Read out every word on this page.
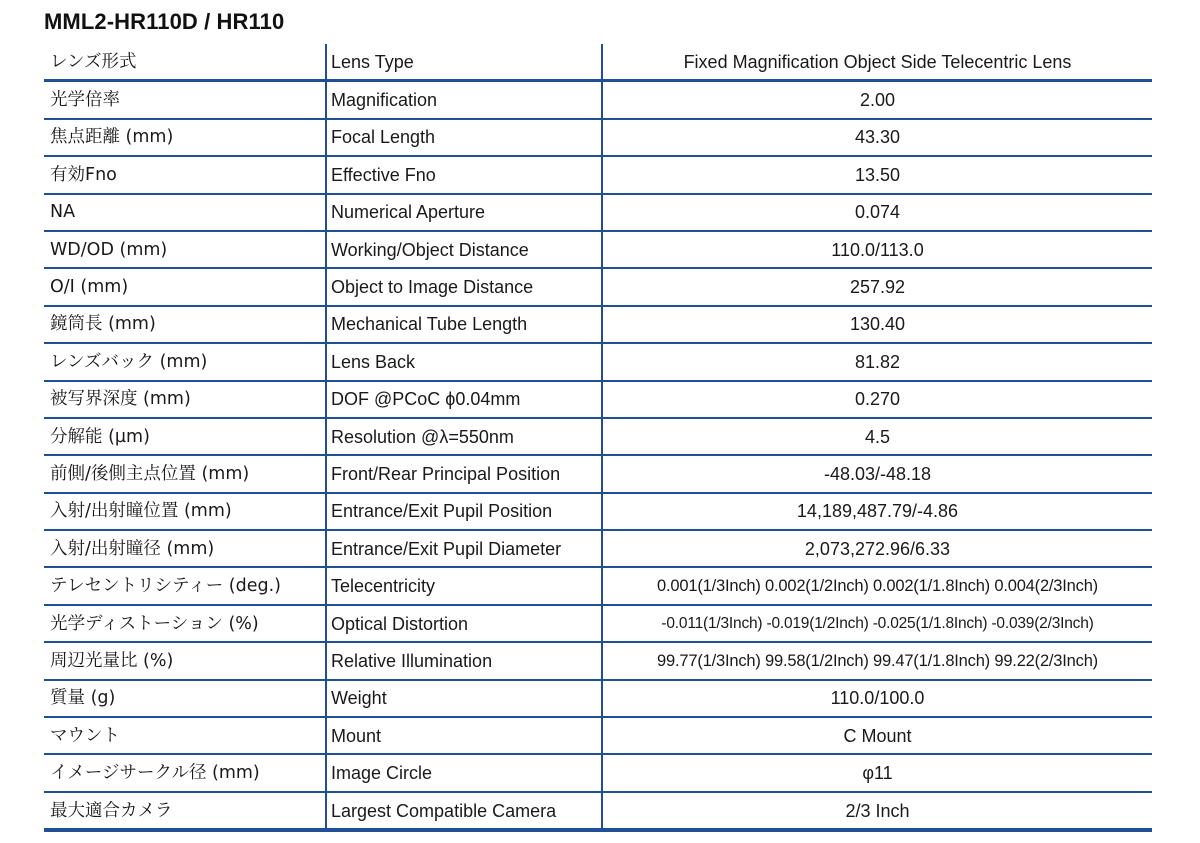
MML2-HR110D / HR110
レンズ形式	Lens Type	Fixed Magnification Object Side Telecentric Lens
光学倍率	Magnification	2.00
焦点距離 (mm)	Focal Length	43.30
有効Fno	Effective Fno	13.50
NA	Numerical Aperture	0.074
WD/OD (mm)	Working/Object Distance	110.0/113.0
O/I (mm)	Object to Image Distance	257.92
鏡筒長 (mm)	Mechanical Tube Length	130.40
レンズバック (mm)	Lens Back	81.82
被写界深度 (mm)	DOF @PCoC ϕ0.04mm	0.270
分解能 (µm)	Resolution @λ=550nm	4.5
前側/後側主点位置 (mm)	Front/Rear Principal Position	-48.03/-48.18
入射/出射瞳位置 (mm)	Entrance/Exit Pupil Position	14,189,487.79/-4.86
入射/出射瞳径 (mm)	Entrance/Exit Pupil Diameter	2,073,272.96/6.33
テレセントリシティー (deg.)	Telecentricity	0.001(1/3Inch) 0.002(1/2Inch) 0.002(1/1.8Inch) 0.004(2/3Inch)
光学ディストーション (%)	Optical Distortion	-0.011(1/3Inch) -0.019(1/2Inch) -0.025(1/1.8Inch) -0.039(2/3Inch)
周辺光量比 (%)	Relative Illumination	99.77(1/3Inch) 99.58(1/2Inch) 99.47(1/1.8Inch) 99.22(2/3Inch)
質量 (g)	Weight	110.0/100.0
マウント	Mount	C Mount
イメージサークル径 (mm)	Image Circle	φ11
最大適合カメラ	Largest Compatible Camera	2/3 Inch
